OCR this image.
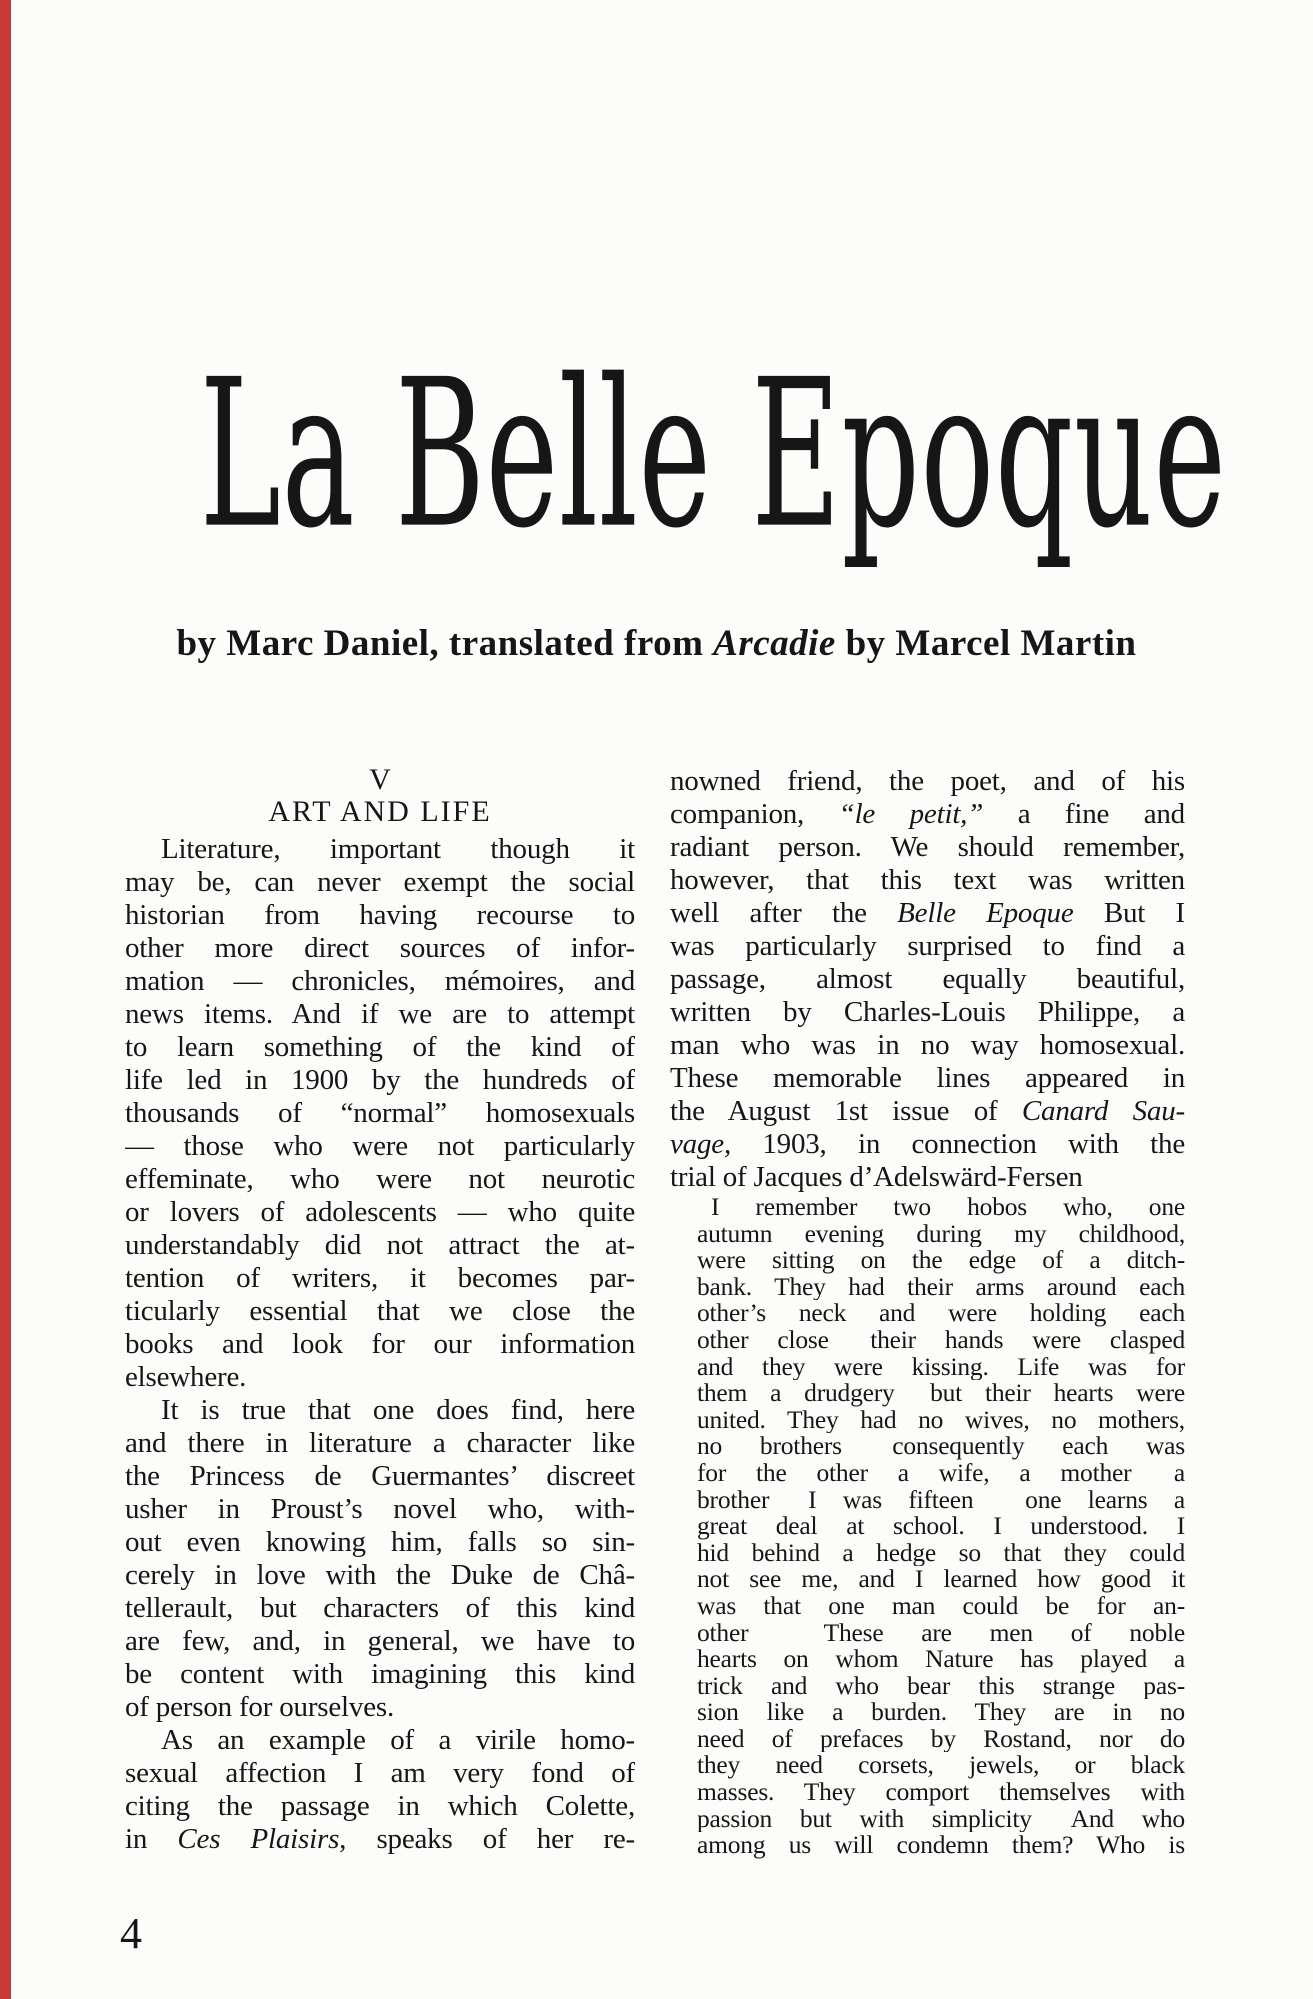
La Belle Epoque
by Marc Daniel, translated from Arcadie by Marcel Martin
V
ART AND LIFE
Literature, important though it
may be, can never exempt the social
historian from having recourse to
other more direct sources of infor-
mation — chronicles, mémoires, and
news items. And if we are to attempt
to learn something of the kind of
life led in 1900 by the hundreds of
thousands of “normal” homosexuals
— those who were not particularly
effeminate, who were not neurotic
or lovers of adolescents — who quite
understandably did not attract the at-
tention of writers, it becomes par-
ticularly essential that we close the
books and look for our information
elsewhere.
It is true that one does find, here
and there in literature a character like
the Princess de Guermantes’ discreet
usher in Proust’s novel who, with-
out even knowing him, falls so sin-
cerely in love with the Duke de Châ-
tellerault, but characters of this kind
are few, and, in general, we have to
be content with imagining this kind
of person for ourselves.
As an example of a virile homo-
sexual affection I am very fond of
citing the passage in which Colette,
in Ces Plaisirs, speaks of her re-
nowned friend, the poet, and of his
companion, “le petit,” a fine and
radiant person. We should remember,
however, that this text was written
well after the Belle Epoque But I
was particularly surprised to find a
passage, almost equally beautiful,
written by Charles-Louis Philippe, a
man who was in no way homosexual.
These memorable lines appeared in
the August 1st issue of Canard Sau-
vage, 1903, in connection with the
trial of Jacques d’Adelswärd-Fersen
I remember two hobos who, one
autumn evening during my childhood,
were sitting on the edge of a ditch-
bank. They had their arms around each
other’s neck and were holding each
other close  their hands were clasped
and they were kissing. Life was for
them a drudgery  but their hearts were
united. They had no wives, no mothers,
no brothers  consequently each was
for the other a wife, a mother  a
brother  I was fifteen  one learns a
great deal at school. I understood. I
hid behind a hedge so that they could
not see me, and I learned how good it
was that one man could be for an-
other   These are men of noble
hearts on whom Nature has played a
trick and who bear this strange pas-
sion like a burden. They are in no
need of prefaces by Rostand, nor do
they need corsets, jewels, or black
masses. They comport themselves with
passion but with simplicity  And who
among us will condemn them? Who is
4
